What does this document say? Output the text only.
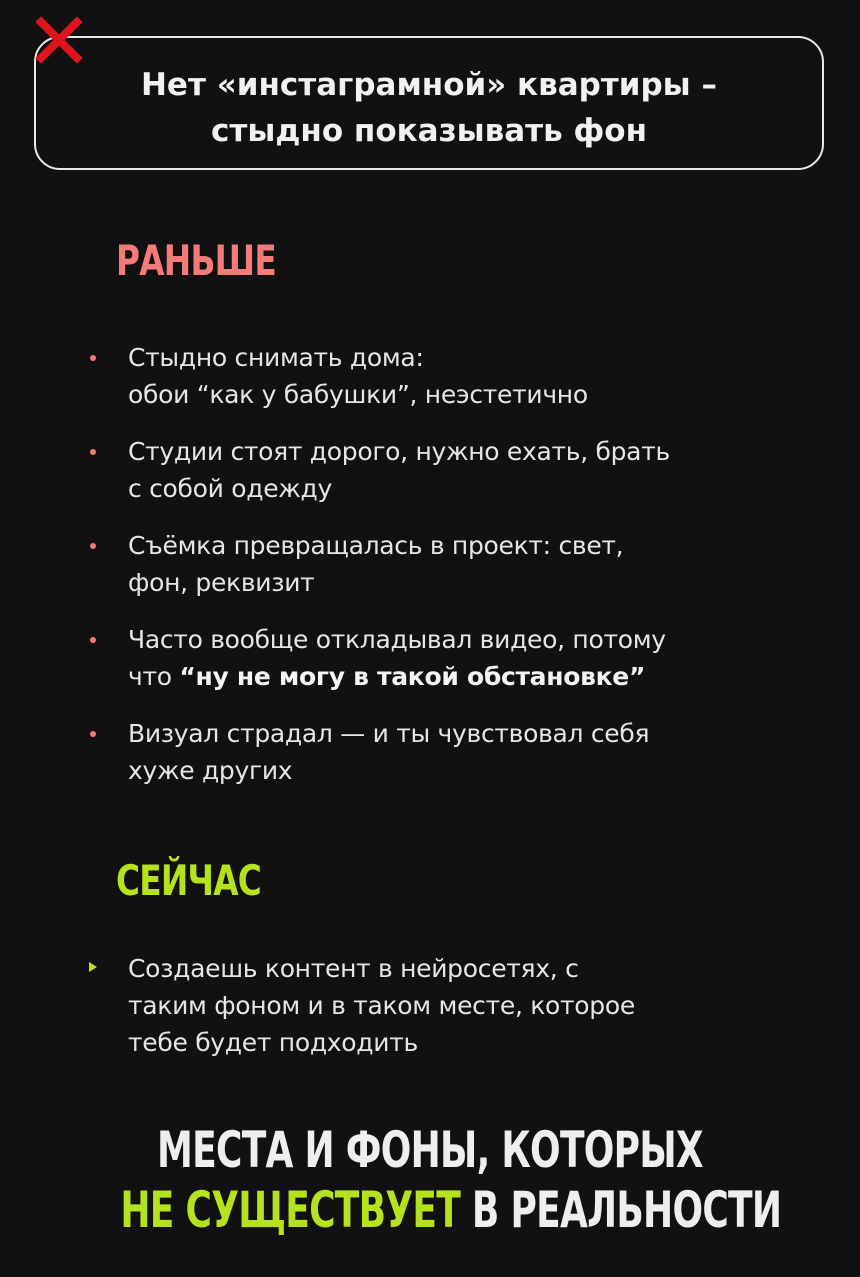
Нет «инстаграмной» квартиры –
стыдно показывать фон
РАНЬШЕ
Стыдно снимать дома:
обои “как у бабушки”, неэстетично
Студии стоят дорого, нужно ехать, брать
с собой одежду
Съёмка превращалась в проект: свет,
фон, реквизит
Часто вообще откладывал видео, потому
что “ну не могу в такой обстановке”
Визуал страдал — и ты чувствовал себя
хуже других
СЕЙЧАС
Создаешь контент в нейросетях, с
таким фоном и в таком месте, которое
тебе будет подходить
МЕСТА И ФОНЫ, КОТОРЫХ
НЕ СУЩЕСТВУЕТ В РЕАЛЬНОСТИ
